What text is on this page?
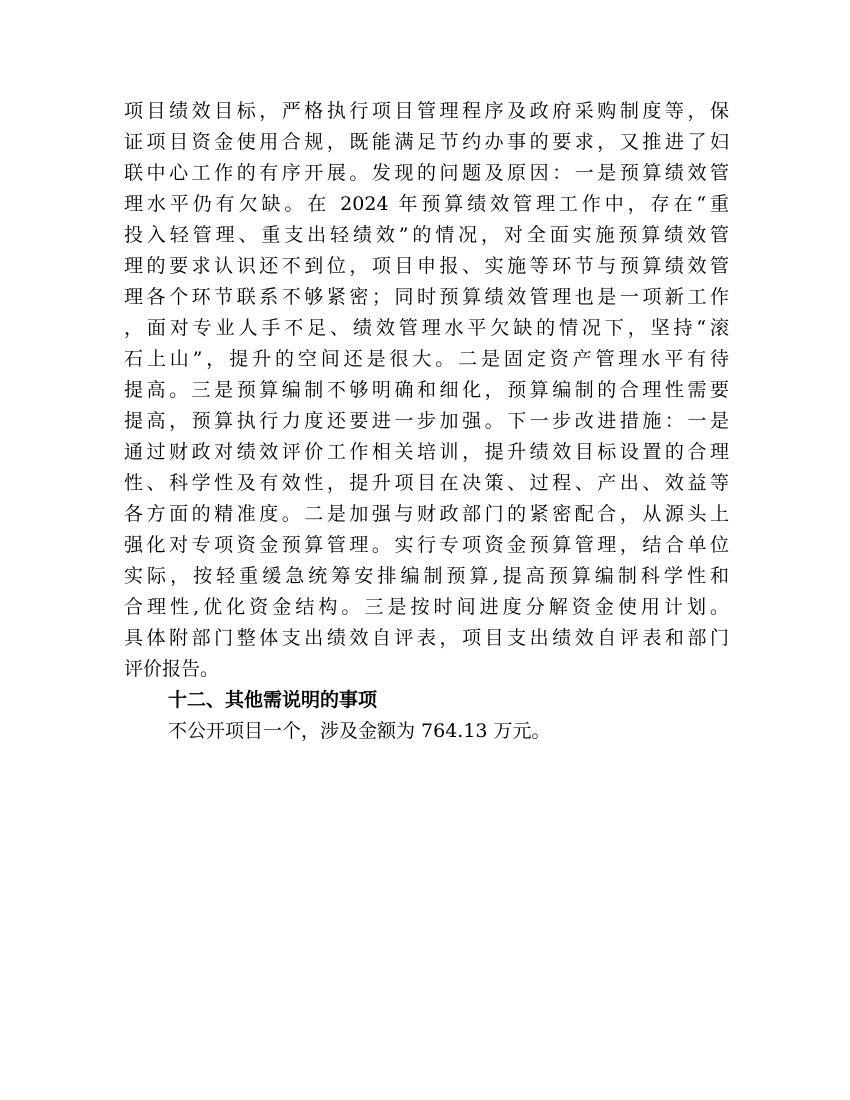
项目绩效目标，严格执行项目管理程序及政府采购制度等，保
证项目资金使用合规，既能满足节约办事的要求，又推进了妇
联中心工作的有序开展。发现的问题及原因：一是预算绩效管
理水平仍有欠缺。在 2024 年预算绩效管理工作中，存在“重
投入轻管理、重支出轻绩效”的情况，对全面实施预算绩效管
理的要求认识还不到位，项目申报、实施等环节与预算绩效管
理各个环节联系不够紧密；同时预算绩效管理也是一项新工作
，面对专业人手不足、绩效管理水平欠缺的情况下，坚持“滚
石上山”，提升的空间还是很大。二是固定资产管理水平有待
提高。三是预算编制不够明确和细化，预算编制的合理性需要
提高，预算执行力度还要进一步加强。下一步改进措施：一是
通过财政对绩效评价工作相关培训，提升绩效目标设置的合理
性、科学性及有效性，提升项目在决策、过程、产出、效益等
各方面的精准度。二是加强与财政部门的紧密配合，从源头上
强化对专项资金预算管理。实行专项资金预算管理，结合单位
实际，按轻重缓急统筹安排编制预算,提高预算编制科学性和
合理性,优化资金结构。三是按时间进度分解资金使用计划。
具体附部门整体支出绩效自评表，项目支出绩效自评表和部门
评价报告。
十二、其他需说明的事项
不公开项目一个，涉及金额为 764.13 万元。
